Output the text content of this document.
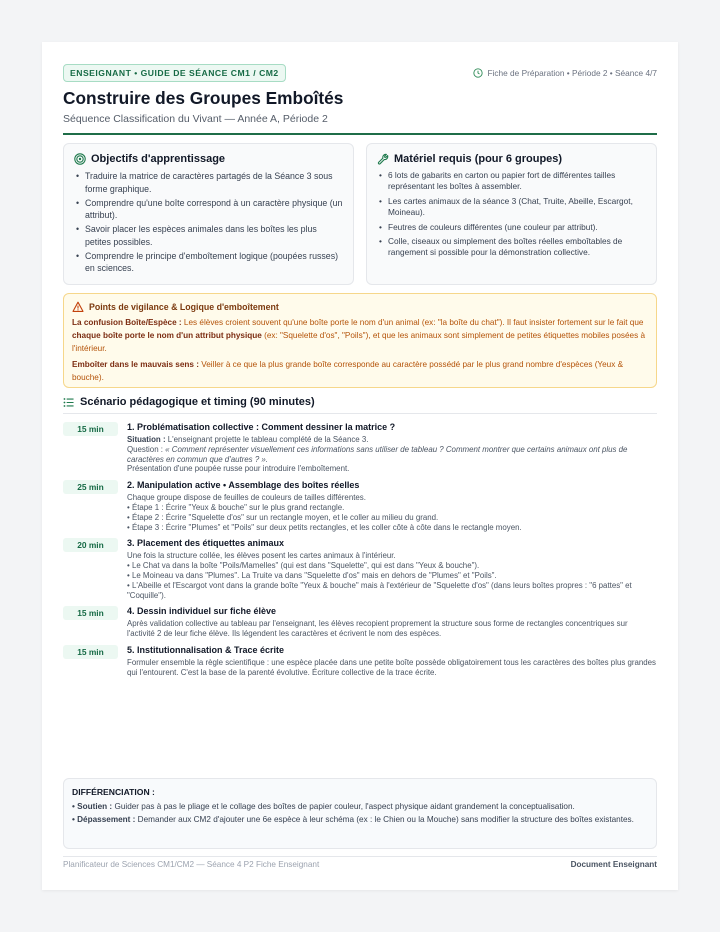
ENSEIGNANT • GUIDE DE SÉANCE CM1 / CM2	Fiche de Préparation • Période 2 • Séance 4/7
Construire des Groupes Emboîtés
Séquence Classification du Vivant — Année A, Période 2
Objectifs d'apprentissage
• Traduire la matrice de caractères partagés de la Séance 3 sous forme graphique.
• Comprendre qu'une boîte correspond à un caractère physique (un attribut).
• Savoir placer les espèces animales dans les boîtes les plus petites possibles.
• Comprendre le principe d'emboîtement logique (poupées russes) en sciences.
Matériel requis (pour 6 groupes)
• 6 lots de gabarits en carton ou papier fort de différentes tailles représentant les boîtes à assembler.
• Les cartes animaux de la séance 3 (Chat, Truite, Abeille, Escargot, Moineau).
• Feutres de couleurs différentes (une couleur par attribut).
• Colle, ciseaux ou simplement des boîtes réelles emboîtables de rangement si possible pour la démonstration collective.
Points de vigilance & Logique d'emboîtement

La confusion Boîte/Espèce : Les élèves croient souvent qu'une boîte porte le nom d'un animal (ex: "la boîte du chat"). Il faut insister fortement sur le fait que chaque boîte porte le nom d'un attribut physique (ex: "Squelette d'os", "Poils"), et que les animaux sont simplement de petites étiquettes mobiles posées à l'intérieur.

Emboîter dans le mauvais sens : Veiller à ce que la plus grande boîte corresponde au caractère possédé par le plus grand nombre d'espèces (Yeux & bouche).

Scénario pédagogique et timing (90 minutes)
15 min	1. Problématisation collective : Comment dessiner la matrice ?
Situation : L'enseignant projette le tableau complété de la Séance 3.
Question : « Comment représenter visuellement ces informations sans utiliser de tableau ? Comment montrer que certains animaux ont plus de caractères en commun que d'autres ? ».
Présentation d'une poupée russe pour introduire l'emboîtement.
25 min	2. Manipulation active • Assemblage des boîtes réelles
Chaque groupe dispose de feuilles de couleurs de tailles différentes.
• Étape 1 : Écrire "Yeux & bouche" sur le plus grand rectangle.
• Étape 2 : Écrire "Squelette d'os" sur un rectangle moyen, et le coller au milieu du grand.
• Étape 3 : Écrire "Plumes" et "Poils" sur deux petits rectangles, et les coller côte à côte dans le rectangle moyen.
20 min	3. Placement des étiquettes animaux
Une fois la structure collée, les élèves posent les cartes animaux à l'intérieur.
• Le Chat va dans la boîte "Poils/Mamelles" (qui est dans "Squelette", qui est dans "Yeux & bouche").
• Le Moineau va dans "Plumes". La Truite va dans "Squelette d'os" mais en dehors de "Plumes" et "Poils".
• L'Abeille et l'Escargot vont dans la grande boîte "Yeux & bouche" mais à l'extérieur de "Squelette d'os" (dans leurs boîtes propres : "6 pattes" et "Coquille").
15 min	4. Dessin individuel sur fiche élève
Après validation collective au tableau par l'enseignant, les élèves recopient proprement la structure sous forme de rectangles concentriques sur l'activité 2 de leur fiche élève. Ils légendent les caractères et écrivent le nom des espèces.
15 min	5. Institutionnalisation & Trace écrite
Formuler ensemble la règle scientifique : une espèce placée dans une petite boîte possède obligatoirement tous les caractères des boîtes plus grandes qui l'entourent. C'est la base de la parenté évolutive. Écriture collective de la trace écrite.
DIFFÉRENCIATION :

• Soutien : Guider pas à pas le pliage et le collage des boîtes de papier couleur, l'aspect physique aidant grandement la conceptualisation.
• Dépassement : Demander aux CM2 d'ajouter une 6e espèce à leur schéma (ex : le Chien ou la Mouche) sans modifier la structure des boîtes existantes.

Planificateur de Sciences CM1/CM2 — Séance 4 P2 Fiche Enseignant	Document Enseignant
